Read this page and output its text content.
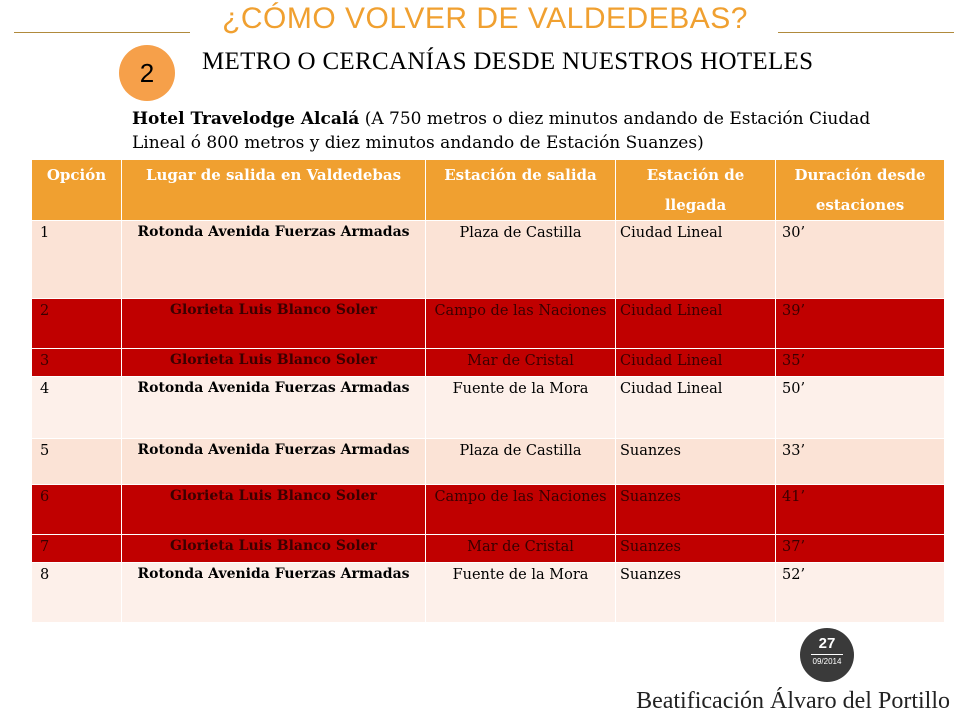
¿CÓMO VOLVER DE VALDEDEBAS?
2	METRO O CERCANÍAS DESDE NUESTROS HOTELES
Hotel Travelodge Alcalá (A 750 metros o diez minutos andando de Estación Ciudad Lineal ó 800 metros y diez minutos andando de Estación Suanzes)
Opción	Lugar de salida en Valdedebas	Estación de salida	Estación de llegada	Duración desde estaciones
1	Rotonda Avenida Fuerzas Armadas	Plaza de Castilla	Ciudad Lineal	30’
2	Glorieta Luis Blanco Soler	Campo de las Naciones	Ciudad Lineal	39’
3	Glorieta Luis Blanco Soler	Mar de Cristal	Ciudad Lineal	35’
4	Rotonda Avenida Fuerzas Armadas	Fuente de la Mora	Ciudad Lineal	50’
5	Rotonda Avenida Fuerzas Armadas	Plaza de Castilla	Suanzes	33’
6	Glorieta Luis Blanco Soler	Campo de las Naciones	Suanzes	41’
7	Glorieta Luis Blanco Soler	Mar de Cristal	Suanzes	37’
8	Rotonda Avenida Fuerzas Armadas	Fuente de la Mora	Suanzes	52’
27
09/2014
Beatificación Álvaro del Portillo
